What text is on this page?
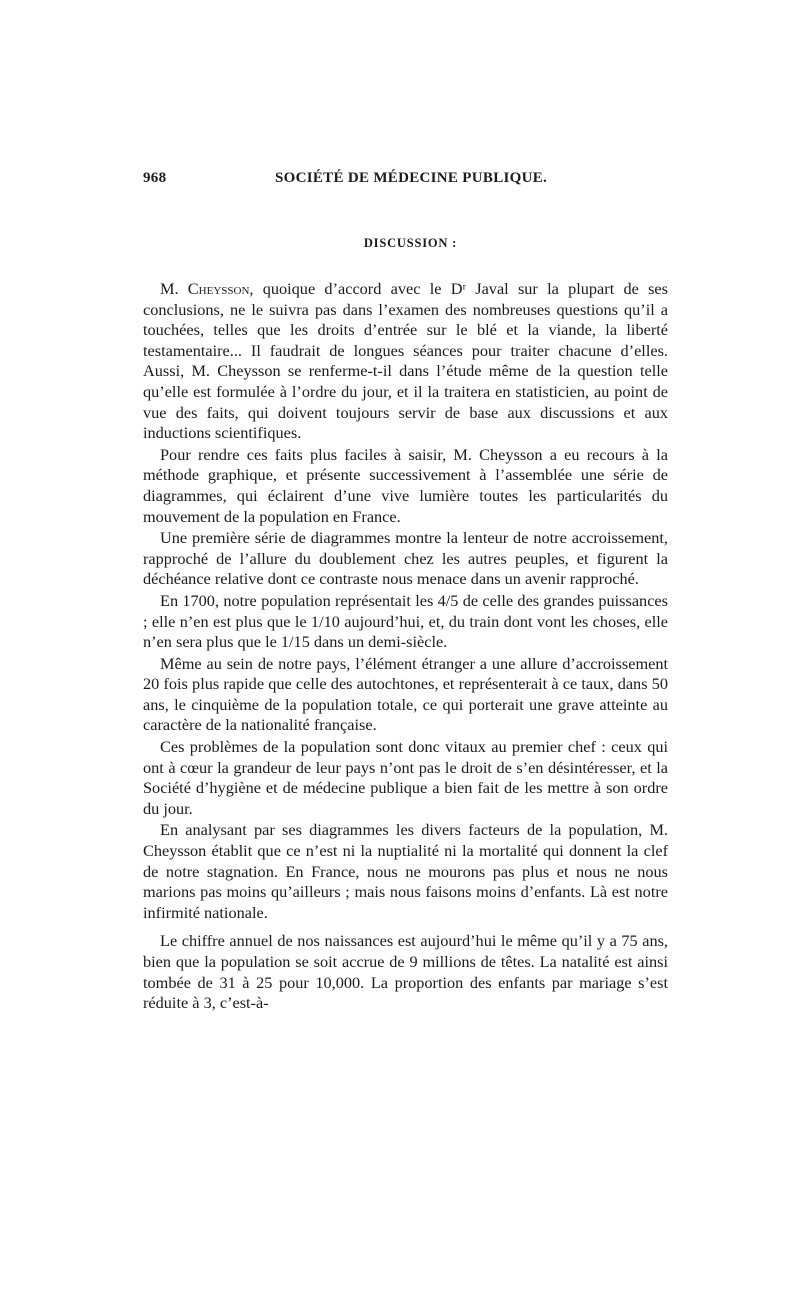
968	SOCIÉTÉ DE MÉDECINE PUBLIQUE.
DISCUSSION :

M. Cheysson, quoique d’accord avec le Dʳ Javal sur la plupart de ses conclusions, ne le suivra pas dans l’examen des nombreuses questions qu’il a touchées, telles que les droits d’entrée sur le blé et la viande, la liberté testamentaire... Il faudrait de longues séances pour traiter chacune d’elles. Aussi, M. Cheysson se renferme-t-il dans l’étude même de la question telle qu’elle est formulée à l’ordre du jour, et il la traitera en statisticien, au point de vue des faits, qui doivent toujours servir de base aux discussions et aux inductions scientifiques.

Pour rendre ces faits plus faciles à saisir, M. Cheysson a eu recours à la méthode graphique, et présente successivement à l’assemblée une série de diagrammes, qui éclairent d’une vive lumière toutes les particularités du mouvement de la population en France.

Une première série de diagrammes montre la lenteur de notre accroissement, rapproché de l’allure du doublement chez les autres peuples, et figurent la déchéance relative dont ce contraste nous menace dans un avenir rapproché.

En 1700, notre population représentait les 4/5 de celle des grandes puissances ; elle n’en est plus que le 1/10 aujourd’hui, et, du train dont vont les choses, elle n’en sera plus que le 1/15 dans un demi-siècle.

Même au sein de notre pays, l’élément étranger a une allure d’accroissement 20 fois plus rapide que celle des autochtones, et représenterait à ce taux, dans 50 ans, le cinquième de la population totale, ce qui porterait une grave atteinte au caractère de la nationalité française.

Ces problèmes de la population sont donc vitaux au premier chef : ceux qui ont à cœur la grandeur de leur pays n’ont pas le droit de s’en désintéresser, et la Société d’hygiène et de médecine publique a bien fait de les mettre à son ordre du jour.

En analysant par ses diagrammes les divers facteurs de la population, M. Cheysson établit que ce n’est ni la nuptialité ni la mortalité qui donnent la clef de notre stagnation. En France, nous ne mourons pas plus et nous ne nous marions pas moins qu’ailleurs ; mais nous faisons moins d’enfants. Là est notre infirmité nationale.

Le chiffre annuel de nos naissances est aujourd’hui le même qu’il y a 75 ans, bien que la population se soit accrue de 9 millions de têtes. La natalité est ainsi tombée de 31 à 25 pour 10,000. La proportion des enfants par mariage s’est réduite à 3, c’est-à-
